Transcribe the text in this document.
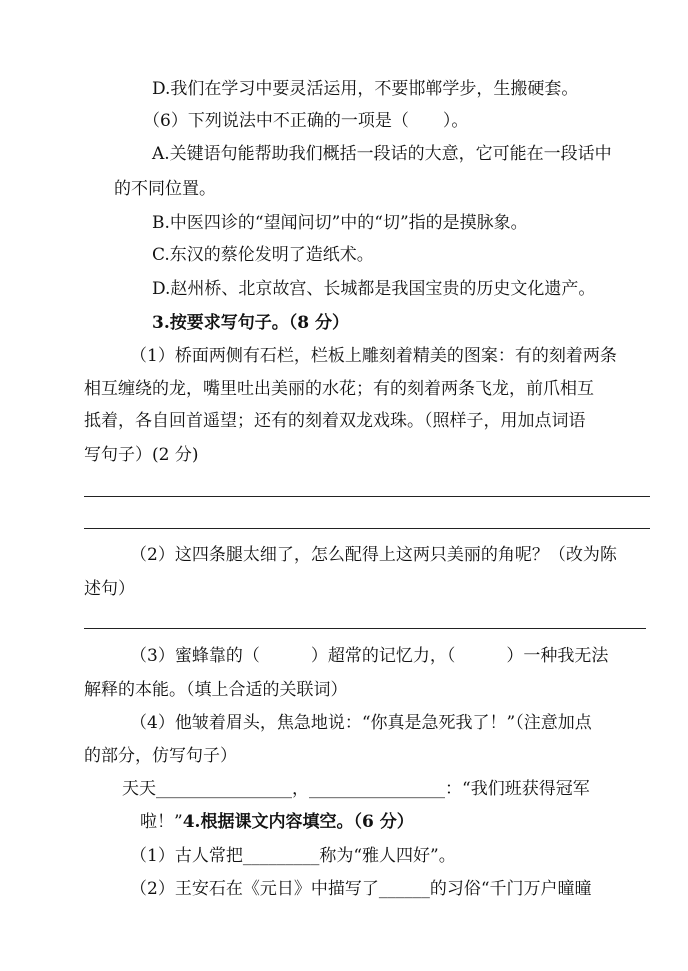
D.我们在学习中要灵活运用，不要邯郸学步，生搬硬套。
（6）下列说法中不正确的一项是（　　）。
A.关键语句能帮助我们概括一段话的大意，它可能在一段话中
的不同位置。
B.中医四诊的“望闻问切”中的“切”指的是摸脉象。
C.东汉的蔡伦发明了造纸术。
D.赵州桥、北京故宫、长城都是我国宝贵的历史文化遗产。
3.按要求写句子。（8 分）
（1）桥面两侧有石栏，栏板上雕刻着精美的图案：有的刻着两条
相互缠绕的龙，嘴里吐出美丽的水花；有的刻着两条飞龙，前爪相互
抵着，各自回首遥望；还有的刻着双龙戏珠。（照样子，用加点词语
写句子）(2 分)
（2）这四条腿太细了，怎么配得上这两只美丽的角呢？（改为陈
述句）
（3）蜜蜂靠的（　　　）超常的记忆力，（　　　）一种我无法
解释的本能。（填上合适的关联词）
（4）他皱着眉头，焦急地说：“你真是急死我了！”（注意加点
的部分，仿写句子）
天天________________，________________：“我们班获得冠军
啦！”4.根据课文内容填空。（6 分）
（1）古人常把_________称为“雅人四好”。
（2）王安石在《元日》中描写了______的习俗“千门万户曈曈
